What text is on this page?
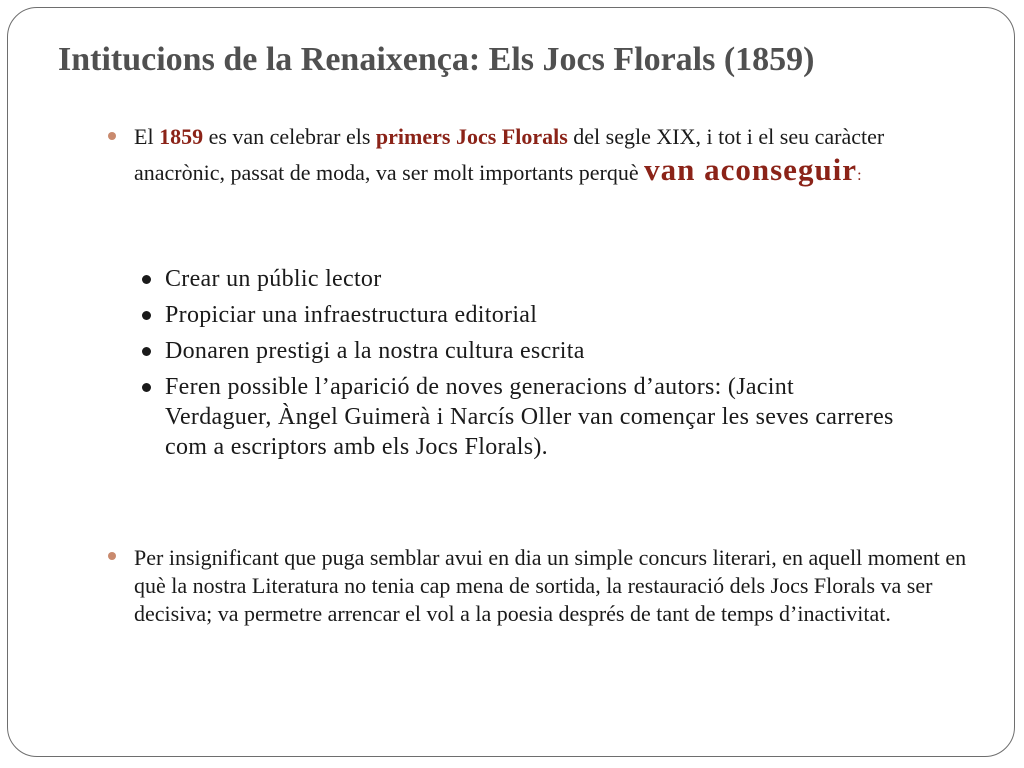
Intitucions de la Renaixença: Els Jocs Florals (1859)

El 1859 es van celebrar els primers Jocs Florals del segle XIX, i tot i el seu caràcter anacrònic, passat de moda, va ser molt importants perquè van aconseguir:

Crear un públic lector
Propiciar una infraestructura editorial
Donaren prestigi a la nostra cultura escrita
Feren possible l’aparició de noves generacions d’autors: (Jacint Verdaguer, Àngel Guimerà i Narcís Oller van començar les seves carreres com a escriptors amb els Jocs Florals).

Per insignificant que puga semblar avui en dia un simple concurs literari, en aquell moment en què la nostra Literatura no tenia cap mena de sortida, la restauració dels Jocs Florals va ser decisiva; va permetre arrencar el vol a la poesia després de tant de temps d’inactivitat.
